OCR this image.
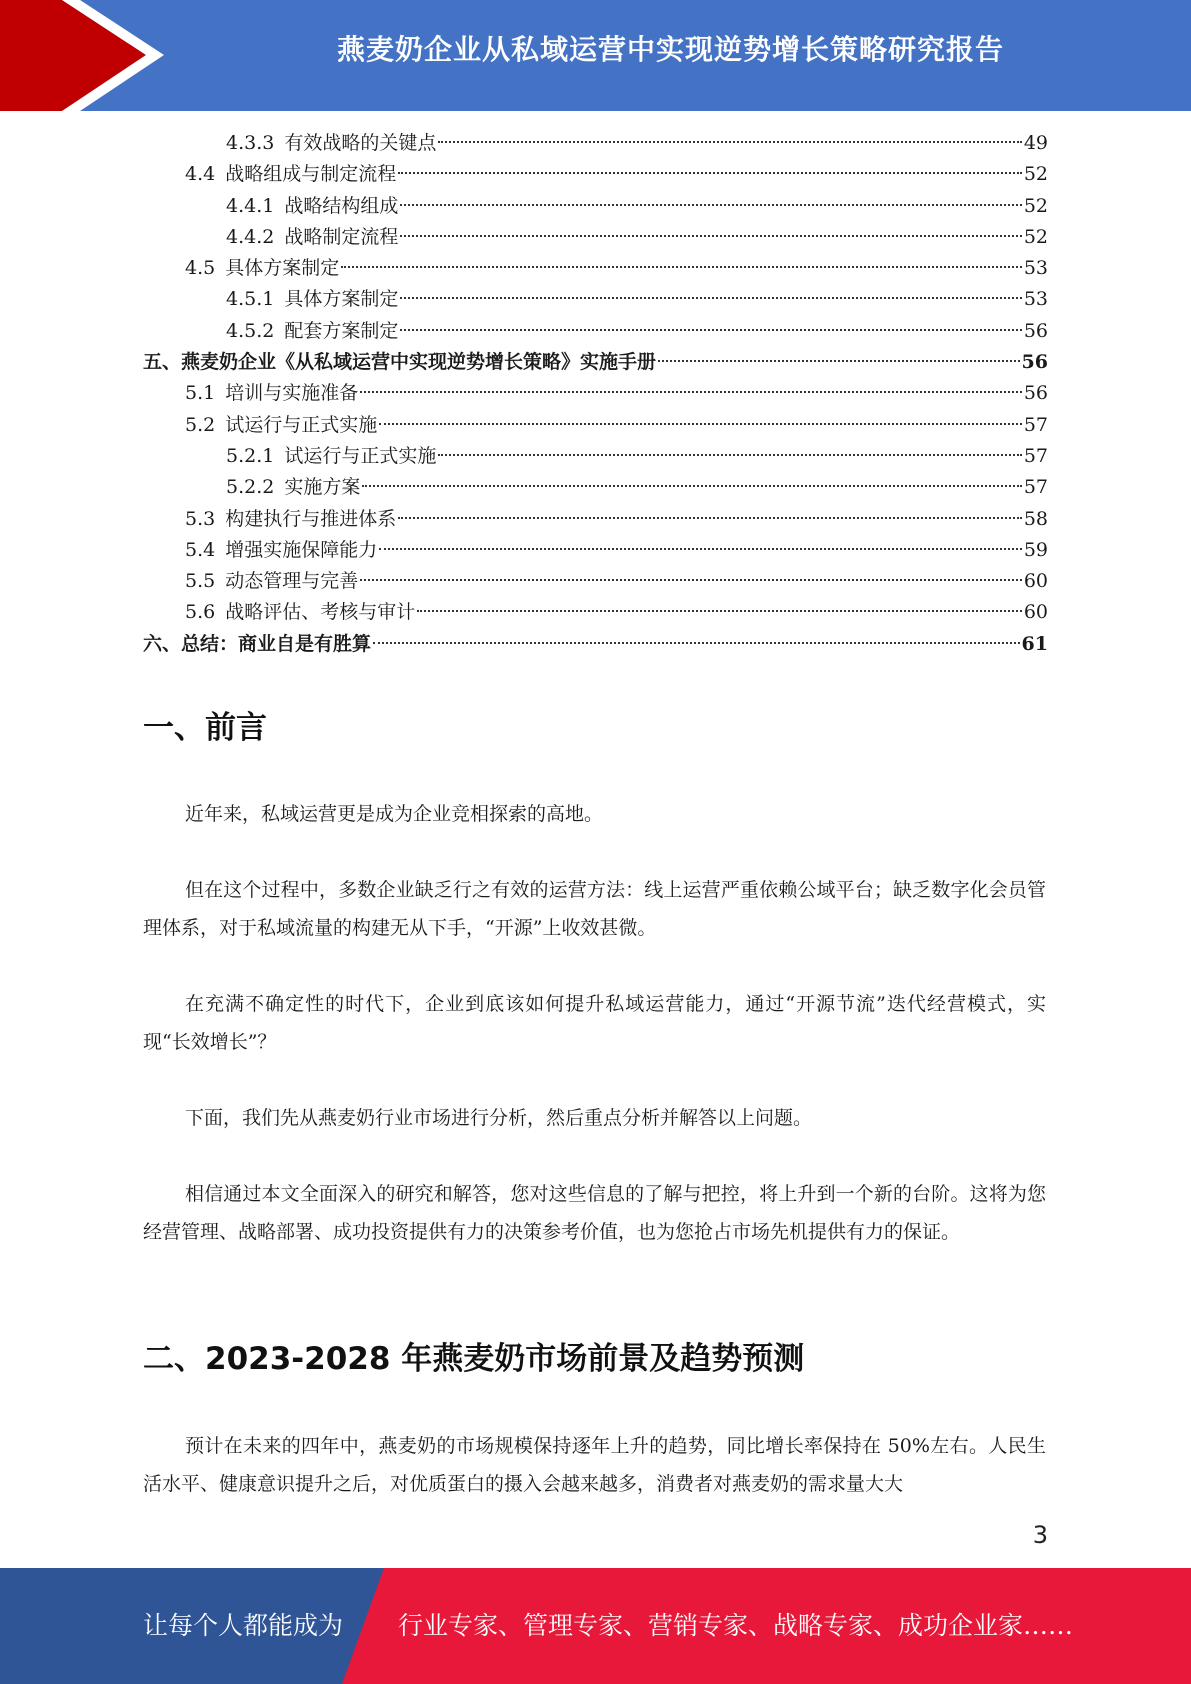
燕麦奶企业从私域运营中实现逆势增长策略研究报告
4.3.3 有效战略的关键点	49
4.4 战略组成与制定流程	52
4.4.1 战略结构组成	52
4.4.2 战略制定流程	52
4.5 具体方案制定	53
4.5.1 具体方案制定	53
4.5.2 配套方案制定	56
五、燕麦奶企业《从私域运营中实现逆势增长策略》实施手册	56
5.1 培训与实施准备	56
5.2 试运行与正式实施	57
5.2.1 试运行与正式实施	57
5.2.2 实施方案	57
5.3 构建执行与推进体系	58
5.4 增强实施保障能力	59
5.5 动态管理与完善	60
5.6 战略评估、考核与审计	60
六、总结：商业自是有胜算	61
一、前言

近年来，私域运营更是成为企业竞相探索的高地。

但在这个过程中，多数企业缺乏行之有效的运营方法：线上运营严重依赖公域平台；缺乏数字化会员管理体系，对于私域流量的构建无从下手，“开源”上收效甚微。

在充满不确定性的时代下，企业到底该如何提升私域运营能力，通过“开源节流”迭代经营模式，实现“长效增长”？

下面，我们先从燕麦奶行业市场进行分析，然后重点分析并解答以上问题。

相信通过本文全面深入的研究和解答，您对这些信息的了解与把控，将上升到一个新的台阶。这将为您经营管理、战略部署、成功投资提供有力的决策参考价值，也为您抢占市场先机提供有力的保证。

二、2023-2028 年燕麦奶市场前景及趋势预测

预计在未来的四年中，燕麦奶的市场规模保持逐年上升的趋势，同比增长率保持在 50%左右。人民生活水平、健康意识提升之后，对优质蛋白的摄入会越来越多，消费者对燕麦奶的需求量大大

3
让每个人都能成为 行业专家、管理专家、营销专家、战略专家、成功企业家……
